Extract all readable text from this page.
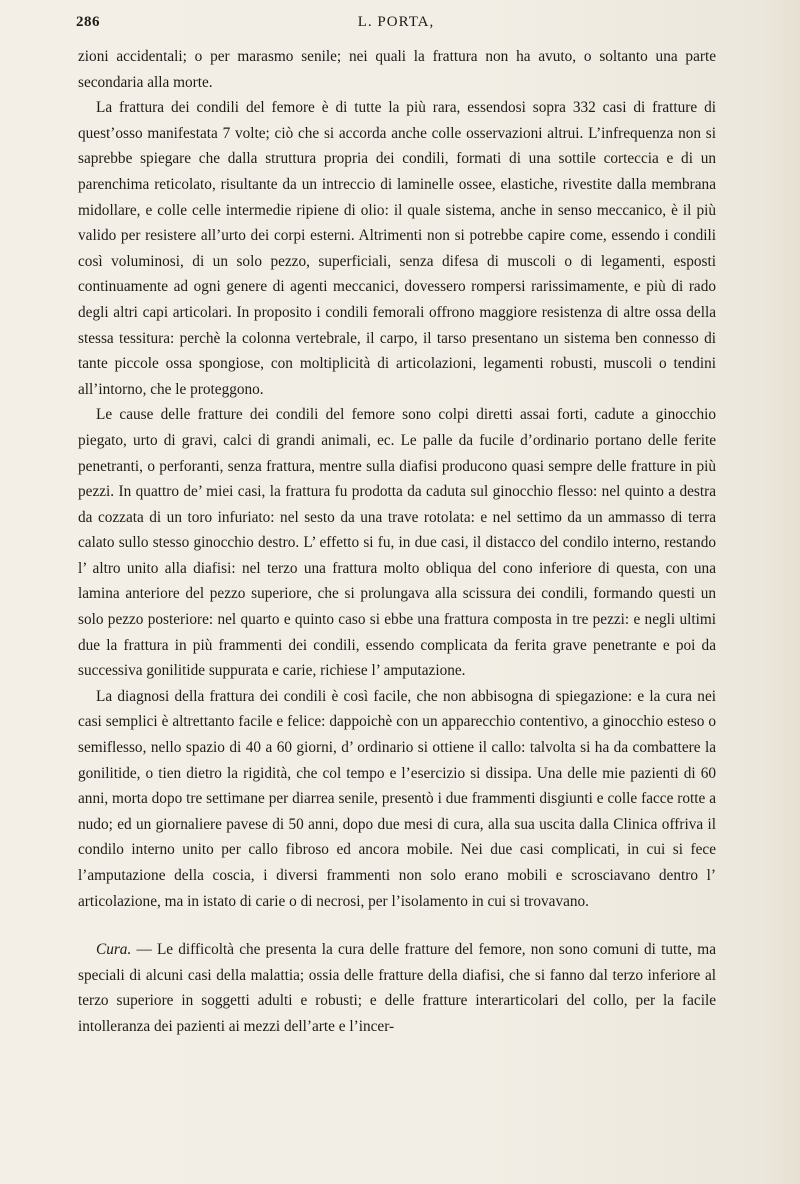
286	L. PORTA,

zioni accidentali; o per marasmo senile; nei quali la frattura non ha avuto, o soltanto una parte secondaria alla morte.

La frattura dei condili del femore è di tutte la più rara, essendosi sopra 332 casi di fratture di quest’osso manifestata 7 volte; ciò che si accorda anche colle osservazioni altrui. L’infrequenza non si saprebbe spiegare che dalla struttura propria dei condili, formati di una sottile corteccia e di un parenchima reticolato, risultante da un intreccio di laminelle ossee, elastiche, rivestite dalla membrana midollare, e colle celle intermedie ripiene di olio: il quale sistema, anche in senso meccanico, è il più valido per resistere all’urto dei corpi esterni. Altrimenti non si potrebbe capire come, essendo i condili così voluminosi, di un solo pezzo, superficiali, senza difesa di muscoli o di legamenti, esposti continuamente ad ogni genere di agenti meccanici, dovessero rompersi rarissimamente, e più di rado degli altri capi articolari. In proposito i condili femorali offrono maggiore resistenza di altre ossa della stessa tessitura: perchè la colonna vertebrale, il carpo, il tarso presentano un sistema ben connesso di tante piccole ossa spongiose, con moltiplicità di articolazioni, legamenti robusti, muscoli o tendini all’intorno, che le proteggono.

Le cause delle fratture dei condili del femore sono colpi diretti assai forti, cadute a ginocchio piegato, urto di gravi, calci di grandi animali, ec. Le palle da fucile d’ordinario portano delle ferite penetranti, o perforanti, senza frattura, mentre sulla diafisi producono quasi sempre delle fratture in più pezzi. In quattro de’ miei casi, la frattura fu prodotta da caduta sul ginocchio flesso: nel quinto a destra da cozzata di un toro infuriato: nel sesto da una trave rotolata: e nel settimo da un ammasso di terra calato sullo stesso ginocchio destro. L’ effetto si fu, in due casi, il distacco del condilo interno, restando l’ altro unito alla diafisi: nel terzo una frattura molto obliqua del cono inferiore di questa, con una lamina anteriore del pezzo superiore, che si prolungava alla scissura dei condili, formando questi un solo pezzo posteriore: nel quarto e quinto caso si ebbe una frattura composta in tre pezzi: e negli ultimi due la frattura in più frammenti dei condili, essendo complicata da ferita grave penetrante e poi da successiva gonilitide suppurata e carie, richiese l’ amputazione.

La diagnosi della frattura dei condili è così facile, che non abbisogna di spiegazione: e la cura nei casi semplici è altrettanto facile e felice: dappoichè con un apparecchio contentivo, a ginocchio esteso o semiflesso, nello spazio di 40 a 60 giorni, d’ ordinario si ottiene il callo: talvolta si ha da combattere la gonilitide, o tien dietro la rigidità, che col tempo e l’esercizio si dissipa. Una delle mie pazienti di 60 anni, morta dopo tre settimane per diarrea senile, presentò i due frammenti disgiunti e colle facce rotte a nudo; ed un giornaliere pavese di 50 anni, dopo due mesi di cura, alla sua uscita dalla Clinica offriva il condilo interno unito per callo fibroso ed ancora mobile. Nei due casi complicati, in cui si fece l’amputazione della coscia, i diversi frammenti non solo erano mobili e scrosciavano dentro l’ articolazione, ma in istato di carie o di necrosi, per l’isolamento in cui si trovavano.

Cura. — Le difficoltà che presenta la cura delle fratture del femore, non sono comuni di tutte, ma speciali di alcuni casi della malattia; ossia delle fratture della diafisi, che si fanno dal terzo inferiore al terzo superiore in soggetti adulti e robusti; e delle fratture interarticolari del collo, per la facile intolleranza dei pazienti ai mezzi dell’arte e l’incer-
